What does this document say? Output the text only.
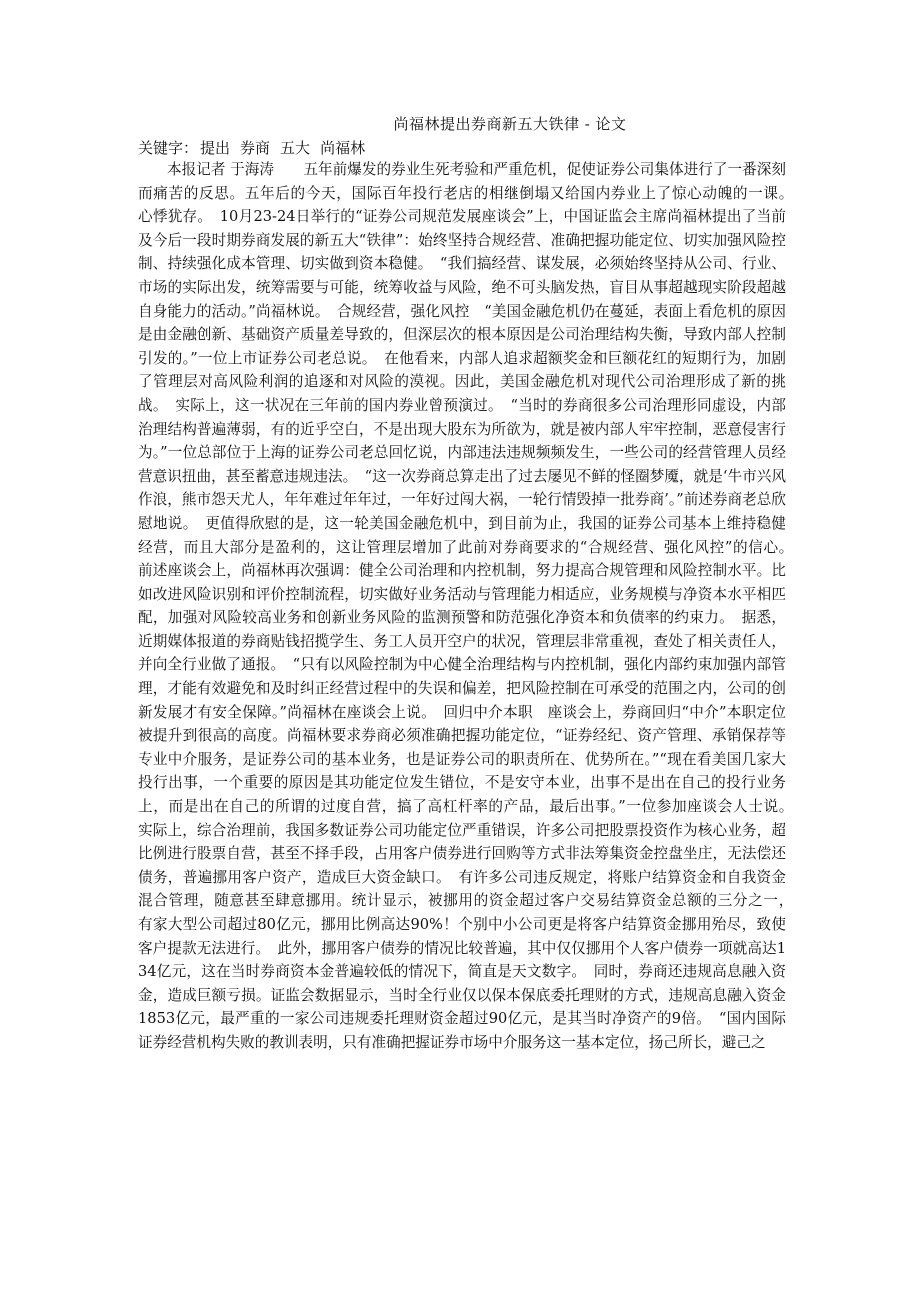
尚福林提出券商新五大铁律 - 论文
关键字： 提出 券商 五大 尚福林
本报记者 于海涛　　五年前爆发的券业生死考验和严重危机，促使证券公司集体进行了一番深刻而痛苦的反思。五年后的今天，国际百年投行老店的相继倒塌又给国内券业上了惊心动魄的一课。　心悸犹存。　10月23-24日举行的“证券公司规范发展座谈会”上，中国证监会主席尚福林提出了当前及今后一段时期券商发展的新五大“铁律”：始终坚持合规经营、准确把握功能定位、切实加强风险控制、持续强化成本管理、切实做到资本稳健。　“我们搞经营、谋发展，必须始终坚持从公司、行业、市场的实际出发，统筹需要与可能，统筹收益与风险，绝不可头脑发热，盲目从事超越现实阶段超越自身能力的活动。”尚福林说。　合规经营，强化风控　“美国金融危机仍在蔓延，表面上看危机的原因是由金融创新、基础资产质量差导致的，但深层次的根本原因是公司治理结构失衡，导致内部人控制引发的。”一位上市证券公司老总说。　在他看来，内部人追求超额奖金和巨额花红的短期行为，加剧了管理层对高风险利润的追逐和对风险的漠视。因此，美国金融危机对现代公司治理形成了新的挑战。　实际上，这一状况在三年前的国内券业曾预演过。　“当时的券商很多公司治理形同虚设，内部治理结构普遍薄弱，有的近乎空白，不是出现大股东为所欲为，就是被内部人牢牢控制，恶意侵害行为。”一位总部位于上海的证券公司老总回忆说，内部违法违规频频发生，一些公司的经营管理人员经营意识扭曲，甚至蓄意违规违法。　“这一次券商总算走出了过去屡见不鲜的怪圈梦魇，就是‘牛市兴风作浪，熊市怨天尤人，年年难过年年过，一年好过闯大祸，一轮行情毁掉一批券商’。”前述券商老总欣慰地说。　更值得欣慰的是，这一轮美国金融危机中，到目前为止，我国的证券公司基本上维持稳健经营，而且大部分是盈利的，这让管理层增加了此前对券商要求的“合规经营、强化风控”的信心。　前述座谈会上，尚福林再次强调：健全公司治理和内控机制，努力提高合规管理和风险控制水平。比如改进风险识别和评价控制流程，切实做好业务活动与管理能力相适应，业务规模与净资本水平相匹配，加强对风险较高业务和创新业务风险的监测预警和防范强化净资本和负债率的约束力。　据悉，近期媒体报道的券商贴钱招揽学生、务工人员开空户的状况，管理层非常重视，查处了相关责任人，并向全行业做了通报。　“只有以风险控制为中心健全治理结构与内控机制，强化内部约束加强内部管理，才能有效避免和及时纠正经营过程中的失误和偏差，把风险控制在可承受的范围之内，公司的创新发展才有安全保障。”尚福林在座谈会上说。　回归中介本职　座谈会上，券商回归“中介”本职定位被提升到很高的高度。尚福林要求券商必须准确把握功能定位，“证券经纪、资产管理、承销保荐等专业中介服务，是证券公司的基本业务，也是证券公司的职责所在、优势所在。”“现在看美国几家大投行出事，一个重要的原因是其功能定位发生错位，不是安守本业，出事不是出在自己的投行业务上，而是出在自己的所谓的过度自营，搞了高杠杆率的产品，最后出事。”一位参加座谈会人士说。　实际上，综合治理前，我国多数证券公司功能定位严重错误，许多公司把股票投资作为核心业务，超比例进行股票自营，甚至不择手段，占用客户债券进行回购等方式非法筹集资金控盘坐庄，无法偿还债务，普遍挪用客户资产，造成巨大资金缺口。　有许多公司违反规定，将账户结算资金和自我资金混合管理，随意甚至肆意挪用。统计显示，被挪用的资金超过客户交易结算资金总额的三分之一，　有家大型公司超过80亿元，挪用比例高达90%！个别中小公司更是将客户结算资金挪用殆尽，致使客户提款无法进行。　此外，挪用客户债券的情况比较普遍，其中仅仅挪用个人客户债券一项就高达134亿元，这在当时券商资本金普遍较低的情况下，简直是天文数字。　同时，券商还违规高息融入资金，造成巨额亏损。证监会数据显示，当时全行业仅以保本保底委托理财的方式，违规高息融入资金1853亿元，最严重的一家公司违规委托理财资金超过90亿元，是其当时净资产的9倍。　“国内国际证券经营机构失败的教训表明，只有准确把握证券市场中介服务这一基本定位，扬己所长，避己之
